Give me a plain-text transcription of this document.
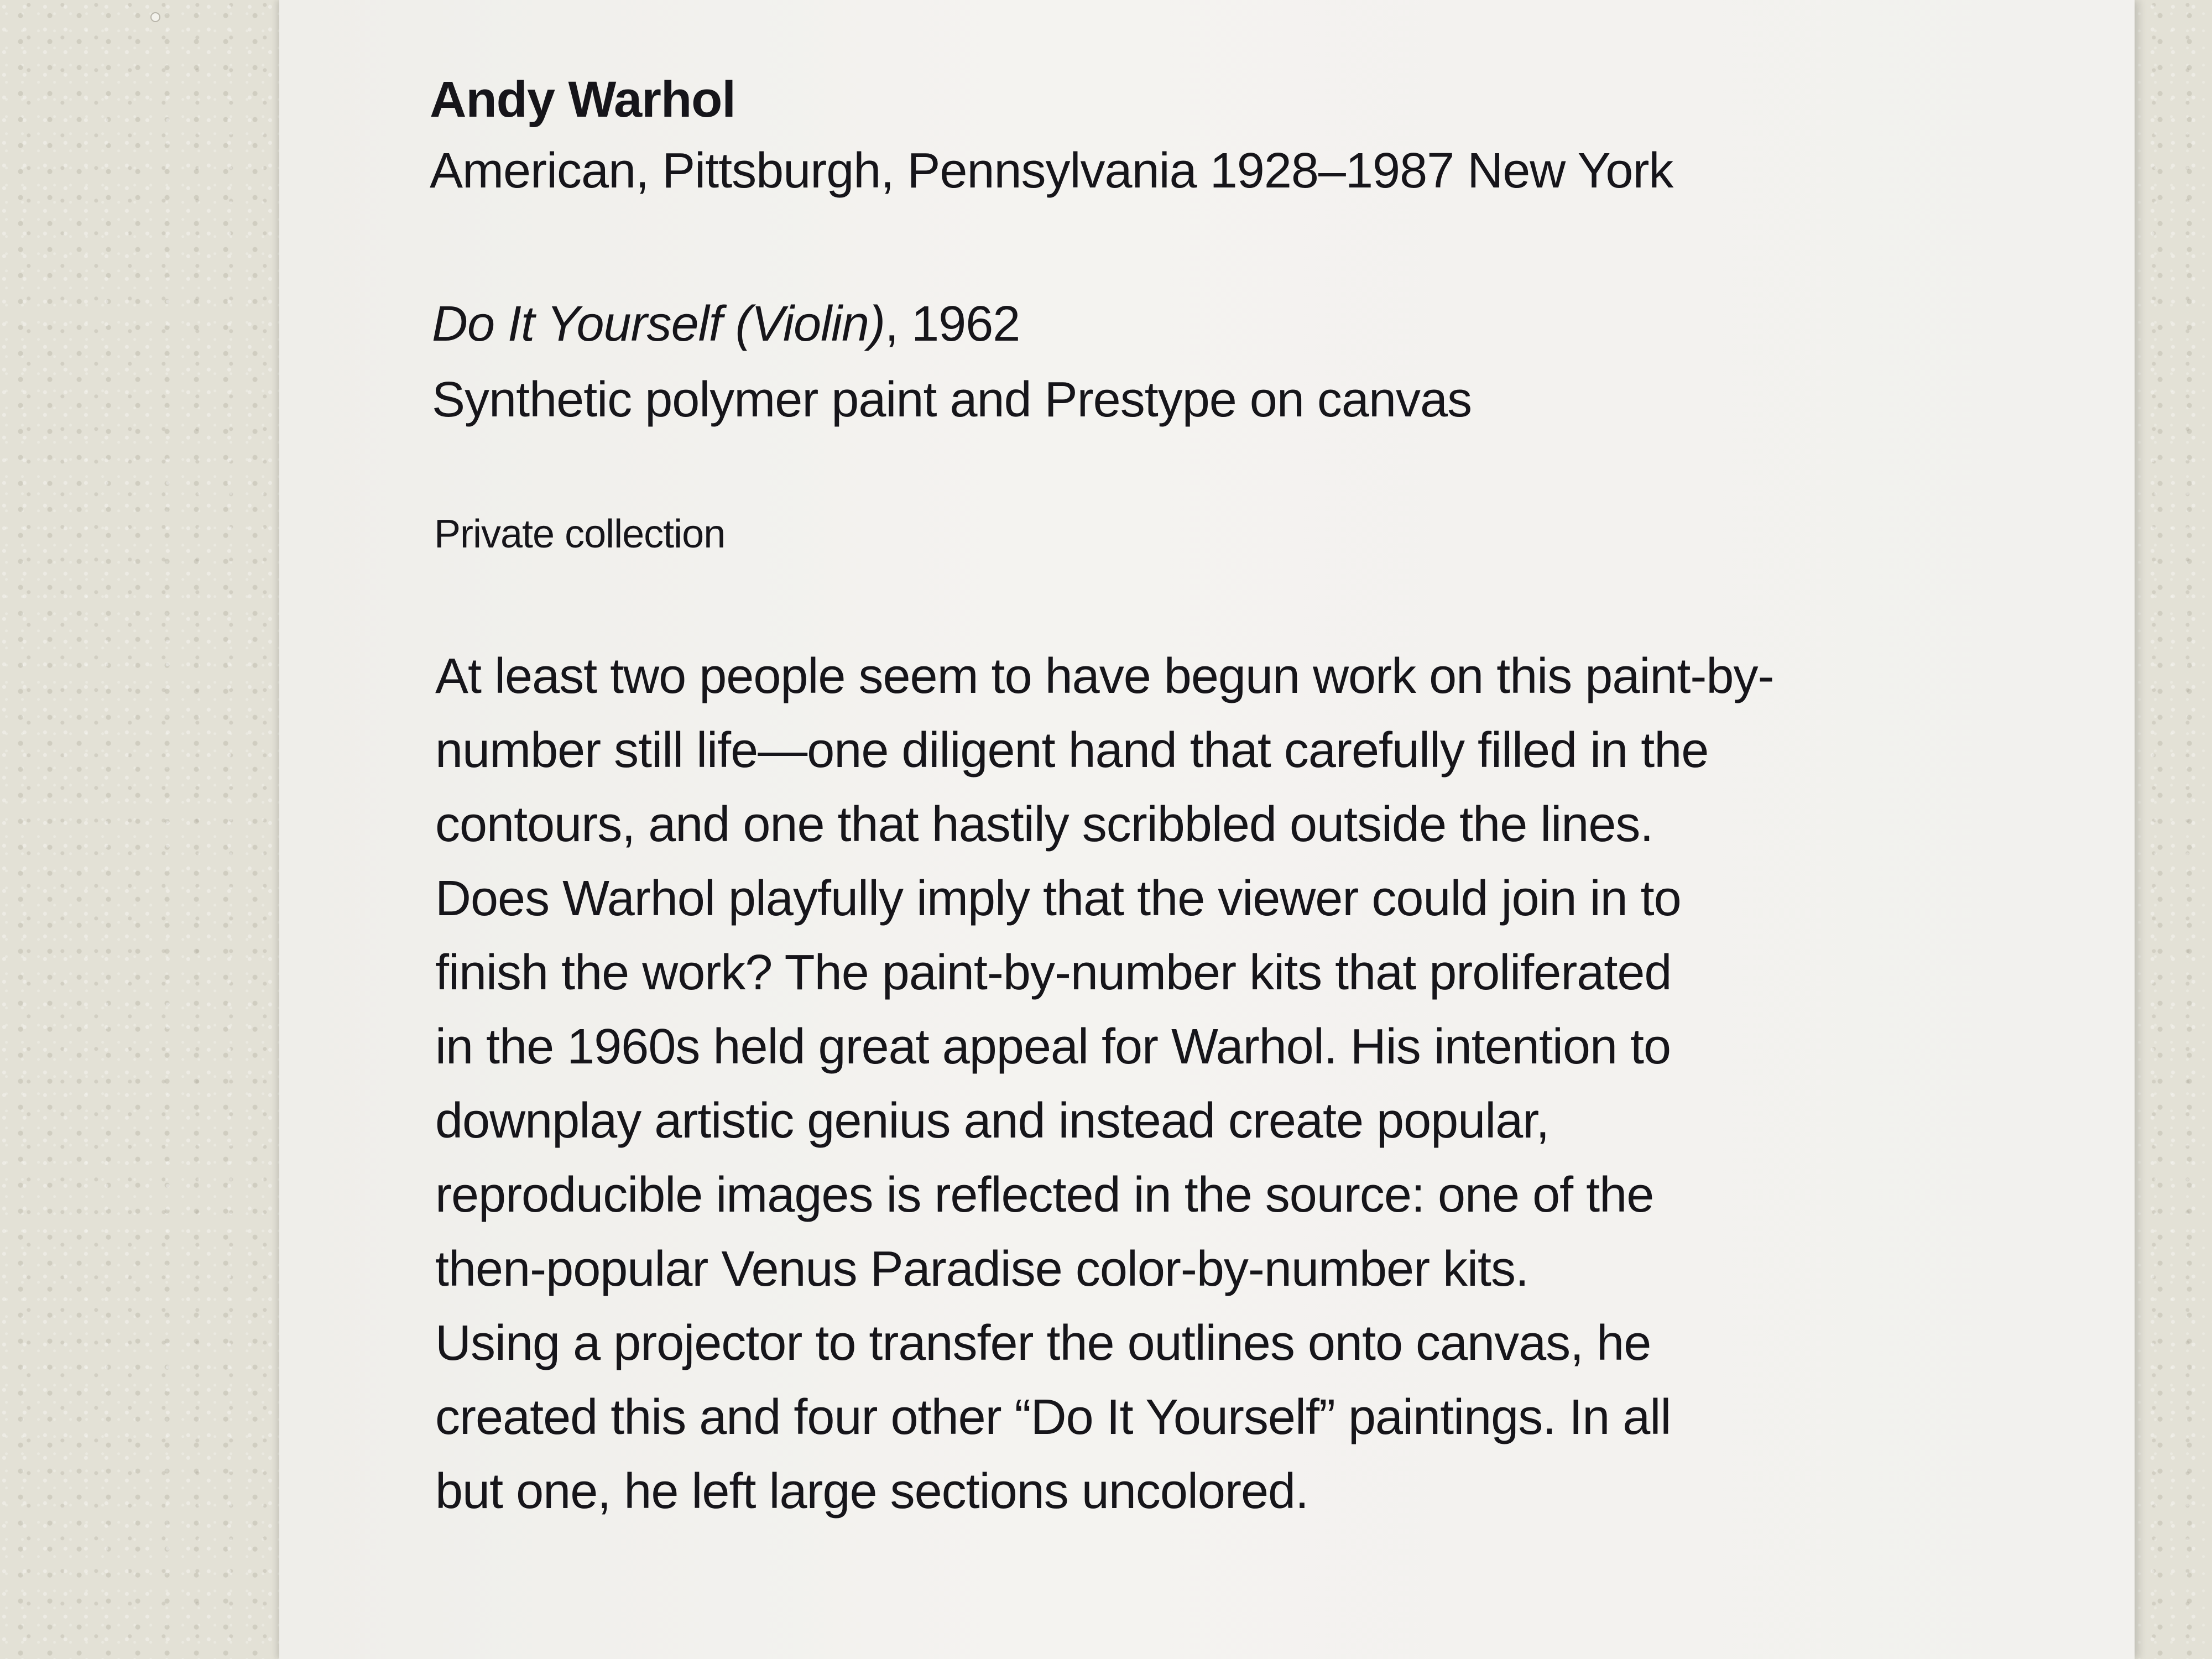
Andy Warhol
American, Pittsburgh, Pennsylvania 1928–1987 New York
Do It Yourself (Violin), 1962
Synthetic polymer paint and Prestype on canvas
Private collection
At least two people seem to have begun work on this paint-by-
number still life—one diligent hand that carefully filled in the
contours, and one that hastily scribbled outside the lines.
Does Warhol playfully imply that the viewer could join in to
finish the work? The paint-by-number kits that proliferated
in the 1960s held great appeal for Warhol. His intention to
downplay artistic genius and instead create popular,
reproducible images is reflected in the source: one of the
then-popular Venus Paradise color-by-number kits.
Using a projector to transfer the outlines onto canvas, he
created this and four other “Do It Yourself” paintings. In all
but one, he left large sections uncolored.
